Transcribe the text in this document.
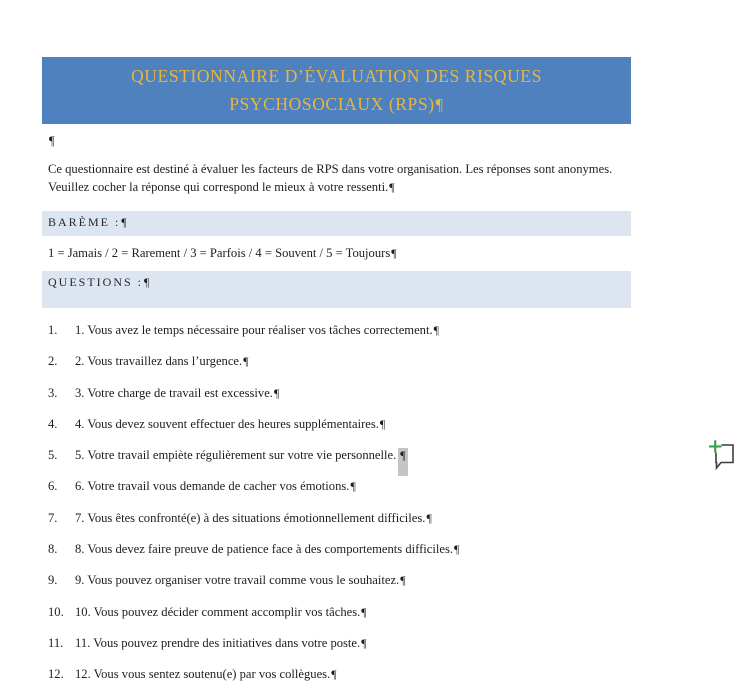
QUESTIONNAIRE D’ÉVALUATION DES RISQUES PSYCHOSOCIAUX (RPS)¶
¶
Ce questionnaire est destiné à évaluer les facteurs de RPS dans votre organisation. Les réponses sont anonymes. Veuillez cocher la réponse qui correspond le mieux à votre ressenti.¶
BARÈME :¶
1 = Jamais / 2 = Rarement / 3 = Parfois / 4 = Souvent / 5 = Toujours¶
QUESTIONS :¶
1.	1. Vous avez le temps nécessaire pour réaliser vos tâches correctement.¶
2.	2. Vous travaillez dans l’urgence.¶
3.	3. Votre charge de travail est excessive.¶
4.	4. Vous devez souvent effectuer des heures supplémentaires.¶
5.	5. Votre travail empiète régulièrement sur votre vie personnelle. ¶
6.	6. Votre travail vous demande de cacher vos émotions.¶
7.	7. Vous êtes confronté(e) à des situations émotionnellement difficiles.¶
8.	8. Vous devez faire preuve de patience face à des comportements difficiles.¶
9.	9. Vous pouvez organiser votre travail comme vous le souhaitez.¶
10. 10. Vous pouvez décider comment accomplir vos tâches.¶
11. 11. Vous pouvez prendre des initiatives dans votre poste.¶
12. 12. Vous vous sentez soutenu(e) par vos collègues.¶
